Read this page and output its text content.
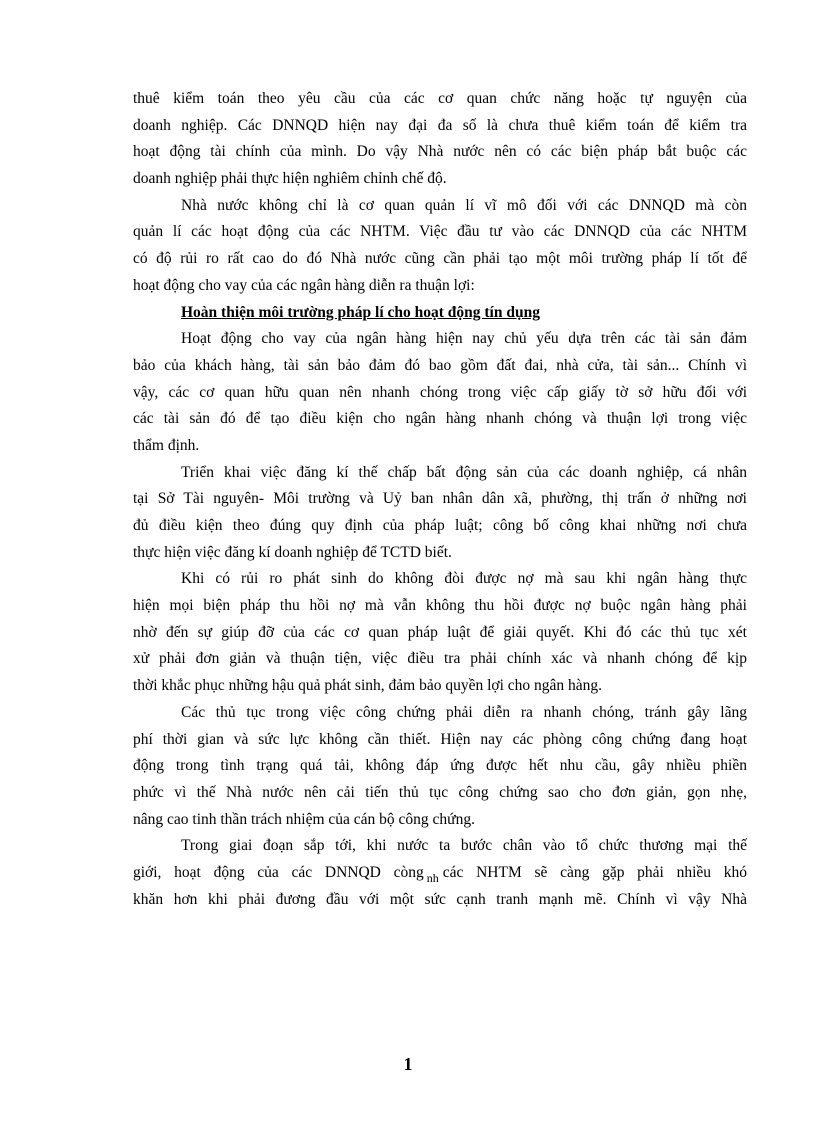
thuê kiểm toán theo yêu cầu của các cơ quan chức năng hoặc tự nguyện của
doanh nghiệp. Các DNNQD hiện nay đại đa số là chưa thuê kiểm toán để kiểm tra
hoạt động tài chính của mình. Do vậy Nhà nước nên có các biện pháp bắt buộc các
doanh nghiệp phải thực hiện nghiêm chỉnh chế độ.
Nhà nước không chỉ là cơ quan quản lí vĩ mô đối với các DNNQD mà còn
quản lí các hoạt động của các NHTM. Việc đầu tư vào các DNNQD của các NHTM
có độ rủi ro rất cao do đó Nhà nước cũng cần phải tạo một môi trường pháp lí tốt để
hoạt động cho vay của các ngân hàng diễn ra thuận lợi:
Hoàn thiện môi trường pháp lí cho hoạt động tín dụng
Hoạt động cho vay của ngân hàng hiện nay chủ yếu dựa trên các tài sản đảm
bảo của khách hàng, tài sản bảo đảm đó bao gồm đất đai, nhà cửa, tài sản... Chính vì
vậy, các cơ quan hữu quan nên nhanh chóng trong việc cấp giấy tờ sở hữu đối với
các tài sản đó để tạo điều kiện cho ngân hàng nhanh chóng và thuận lợi trong việc
thẩm định.
Triển khai việc đăng kí thế chấp bất động sản của các doanh nghiệp, cá nhân
tại Sở Tài nguyên- Môi trường và Uỷ ban nhân dân xã, phường, thị trấn ở những nơi
đủ điều kiện theo đúng quy định của pháp luật; công bố công khai những nơi chưa
thực hiện việc đăng kí doanh nghiệp để TCTD biết.
Khi có rủi ro phát sinh do không đòi được nợ mà sau khi ngân hàng thực
hiện mọi biện pháp thu hồi nợ mà vẫn không thu hồi được nợ buộc ngân hàng phải
nhờ đến sự giúp đỡ của các cơ quan pháp luật để giải quyết. Khi đó các thủ tục xét
xử phải đơn giản và thuận tiện, việc điều tra phải chính xác và nhanh chóng để kịp
thời khắc phục những hậu quả phát sinh, đảm bảo quyền lợi cho ngân hàng.
Các thủ tục trong việc công chứng phải diễn ra nhanh chóng, tránh gây lãng
phí thời gian và sức lực không cần thiết. Hiện nay các phòng công chứng đang hoạt
động trong tình trạng quá tải, không đáp ứng được hết nhu cầu, gây nhiều phiền
phức vì thế Nhà nước nên cải tiến thủ tục công chứng sao cho đơn giản, gọn nhẹ,
nâng cao tinh thần trách nhiệm của cán bộ công chứng.
Trong giai đoạn sắp tới, khi nước ta bước chân vào tổ chức thương mại thế
giới, hoạt động của các DNNQD còng $_{nh}$ các NHTM sẽ càng gặp phải nhiều khó
khăn hơn khi phải đương đầu với một sức cạnh tranh mạnh mẽ. Chính vì vậy Nhà
1
